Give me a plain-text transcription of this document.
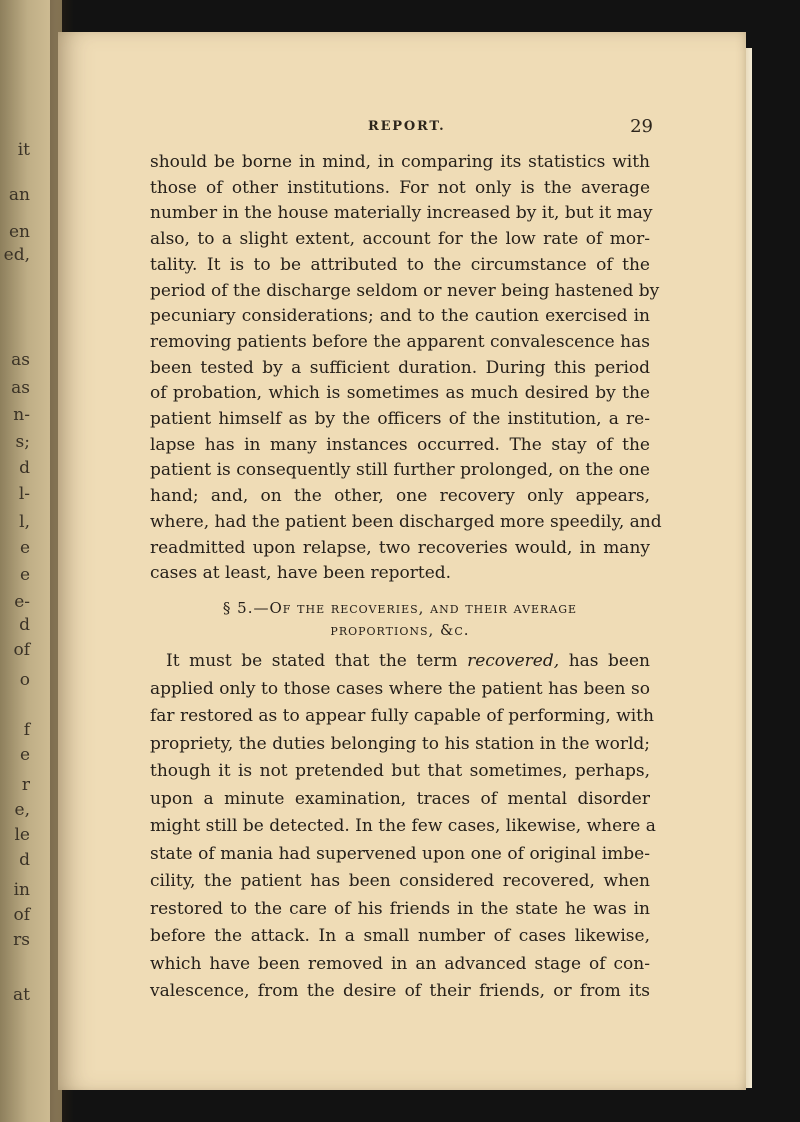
it
an
en
ed,
as
as
n-
s;
d
l-
l,
e
e
e-
d
of
o
f
e
r
e,
le
d
in
of
rs
at
REPORT.	29
should be borne in mind, in comparing its statistics with
those of other institutions. For not only is the average
number in the house materially increased by it, but it may
also, to a slight extent, account for the low rate of mor-
tality. It is to be attributed to the circumstance of the
period of the discharge seldom or never being hastened by
pecuniary considerations; and to the caution exercised in
removing patients before the apparent convalescence has
been tested by a sufficient duration. During this period
of probation, which is sometimes as much desired by the
patient himself as by the officers of the institution, a re-
lapse has in many instances occurred. The stay of the
patient is consequently still further prolonged, on the one
hand; and, on the other, one recovery only appears,
where, had the patient been discharged more speedily, and
readmitted upon relapse, two recoveries would, in many
cases at least, have been reported.
§ 5.—Of the recoveries, and their average
proportions, &c.
It must be stated that the term recovered, has been
applied only to those cases where the patient has been so
far restored as to appear fully capable of performing, with
propriety, the duties belonging to his station in the world;
though it is not pretended but that sometimes, perhaps,
upon a minute examination, traces of mental disorder
might still be detected. In the few cases, likewise, where a
state of mania had supervened upon one of original imbe-
cility, the patient has been considered recovered, when
restored to the care of his friends in the state he was in
before the attack. In a small number of cases likewise,
which have been removed in an advanced stage of con-
valescence, from the desire of their friends, or from its
